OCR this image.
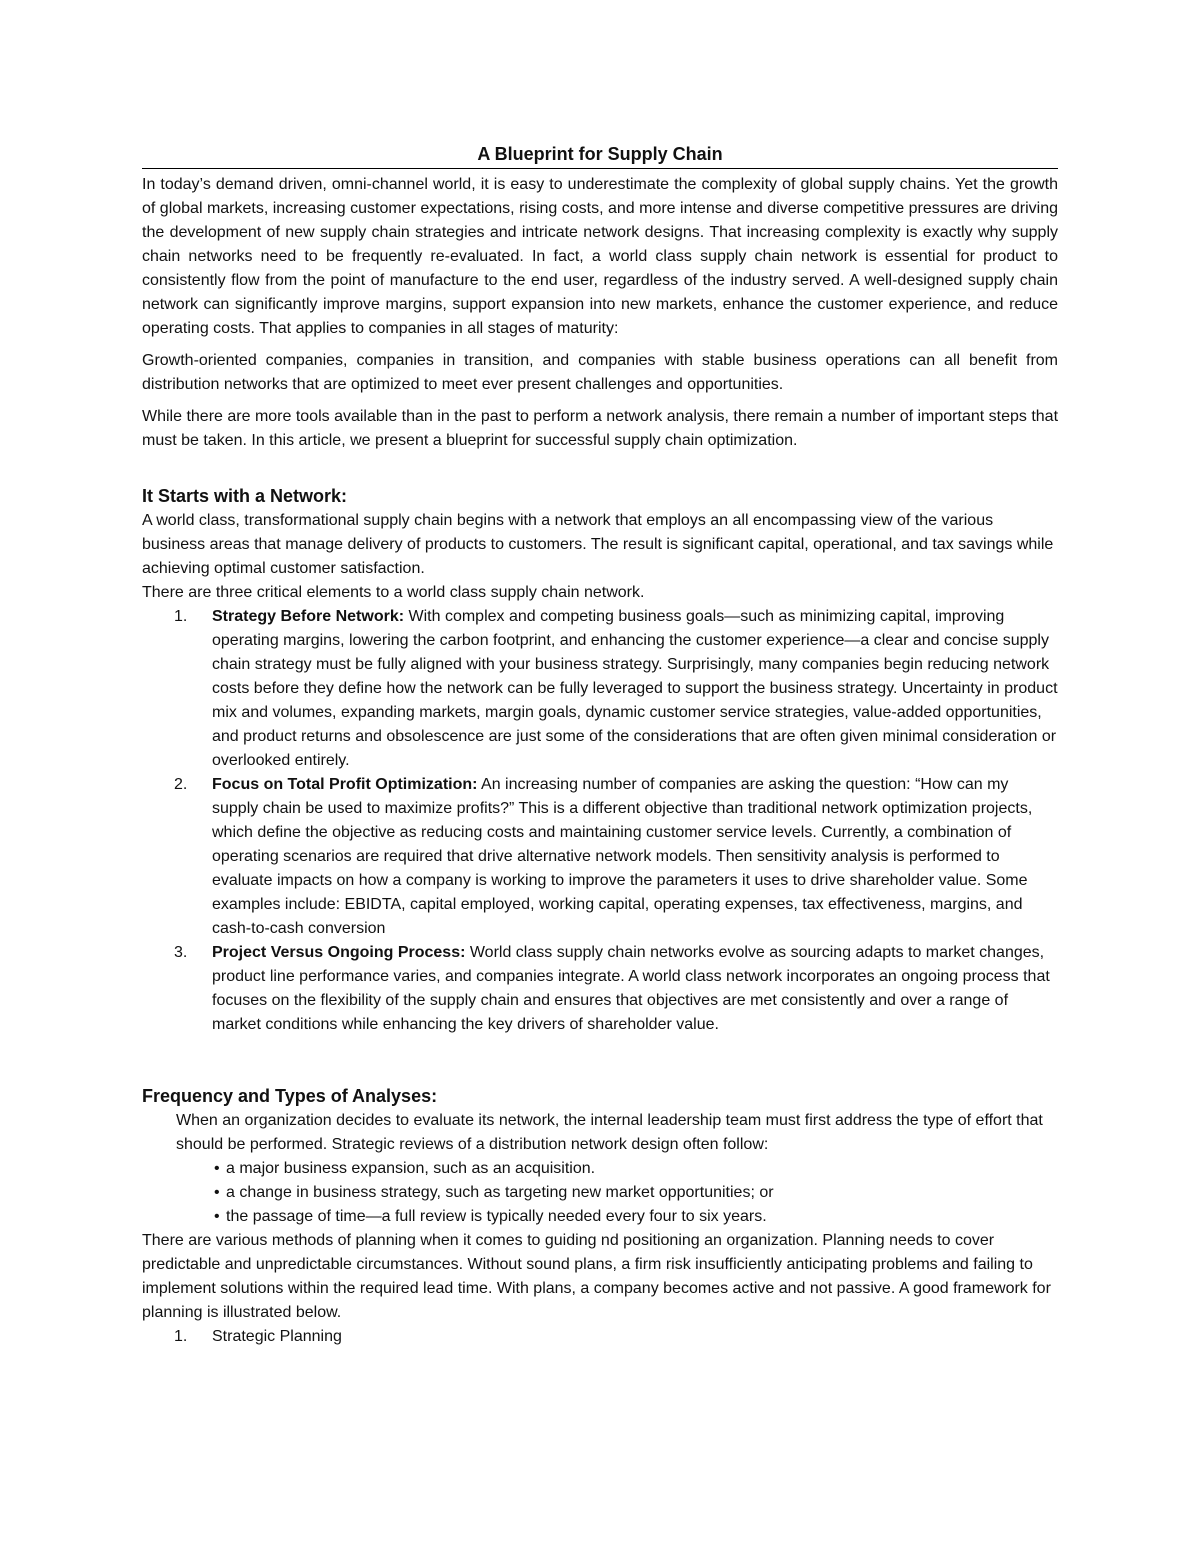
A Blueprint for Supply Chain

In today’s demand driven, omni-channel world, it is easy to underestimate the complexity of global supply chains. Yet the growth of global markets, increasing customer expectations, rising costs, and more intense and diverse competitive pressures are driving the development of new supply chain strategies and intricate network designs. That increasing complexity is exactly why supply chain networks need to be frequently re-evaluated. In fact, a world class supply chain network is essential for product to consistently flow from the point of manufacture to the end user, regardless of the industry served. A well-designed supply chain network can significantly improve margins, support expansion into new markets, enhance the customer experience, and reduce operating costs. That applies to companies in all stages of maturity:

Growth-oriented companies, companies in transition, and companies with stable business operations can all benefit from distribution networks that are optimized to meet ever present challenges and opportunities.

While there are more tools available than in the past to perform a network analysis, there remain a number of important steps that must be taken. In this article, we present a blueprint for successful supply chain optimization.

It Starts with a Network:

A world class, transformational supply chain begins with a network that employs an all encompassing view of the various business areas that manage delivery of products to customers. The result is significant capital, operational, and tax savings while achieving optimal customer satisfaction.

There are three critical elements to a world class supply chain network.

1. Strategy Before Network: With complex and competing business goals—such as minimizing capital, improving operating margins, lowering the carbon footprint, and enhancing the customer experience—a clear and concise supply chain strategy must be fully aligned with your business strategy. Surprisingly, many companies begin reducing network costs before they define how the network can be fully leveraged to support the business strategy. Uncertainty in product mix and volumes, expanding markets, margin goals, dynamic customer service strategies, value-added opportunities, and product returns and obsolescence are just some of the considerations that are often given minimal consideration or overlooked entirely.
2. Focus on Total Profit Optimization: An increasing number of companies are asking the question: “How can my supply chain be used to maximize profits?” This is a different objective than traditional network optimization projects, which define the objective as reducing costs and maintaining customer service levels. Currently, a combination of operating scenarios are required that drive alternative network models. Then sensitivity analysis is performed to evaluate impacts on how a company is working to improve the parameters it uses to drive shareholder value. Some examples include: EBIDTA, capital employed, working capital, operating expenses, tax effectiveness, margins, and cash-to-cash conversion
3. Project Versus Ongoing Process: World class supply chain networks evolve as sourcing adapts to market changes, product line performance varies, and companies integrate. A world class network incorporates an ongoing process that focuses on the flexibility of the supply chain and ensures that objectives are met consistently and over a range of market conditions while enhancing the key drivers of shareholder value.
Frequency and Types of Analyses:

When an organization decides to evaluate its network, the internal leadership team must first address the type of effort that should be performed. Strategic reviews of a distribution network design often follow:

• a major business expansion, such as an acquisition.
• a change in business strategy, such as targeting new market opportunities; or
• the passage of time—a full review is typically needed every four to six years.

There are various methods of planning when it comes to guiding nd positioning an organization. Planning needs to cover predictable and unpredictable circumstances. Without sound plans, a firm risk insufficiently anticipating problems and failing to implement solutions within the required lead time. With plans, a company becomes active and not passive. A good framework for planning is illustrated below.

1. Strategic Planning
